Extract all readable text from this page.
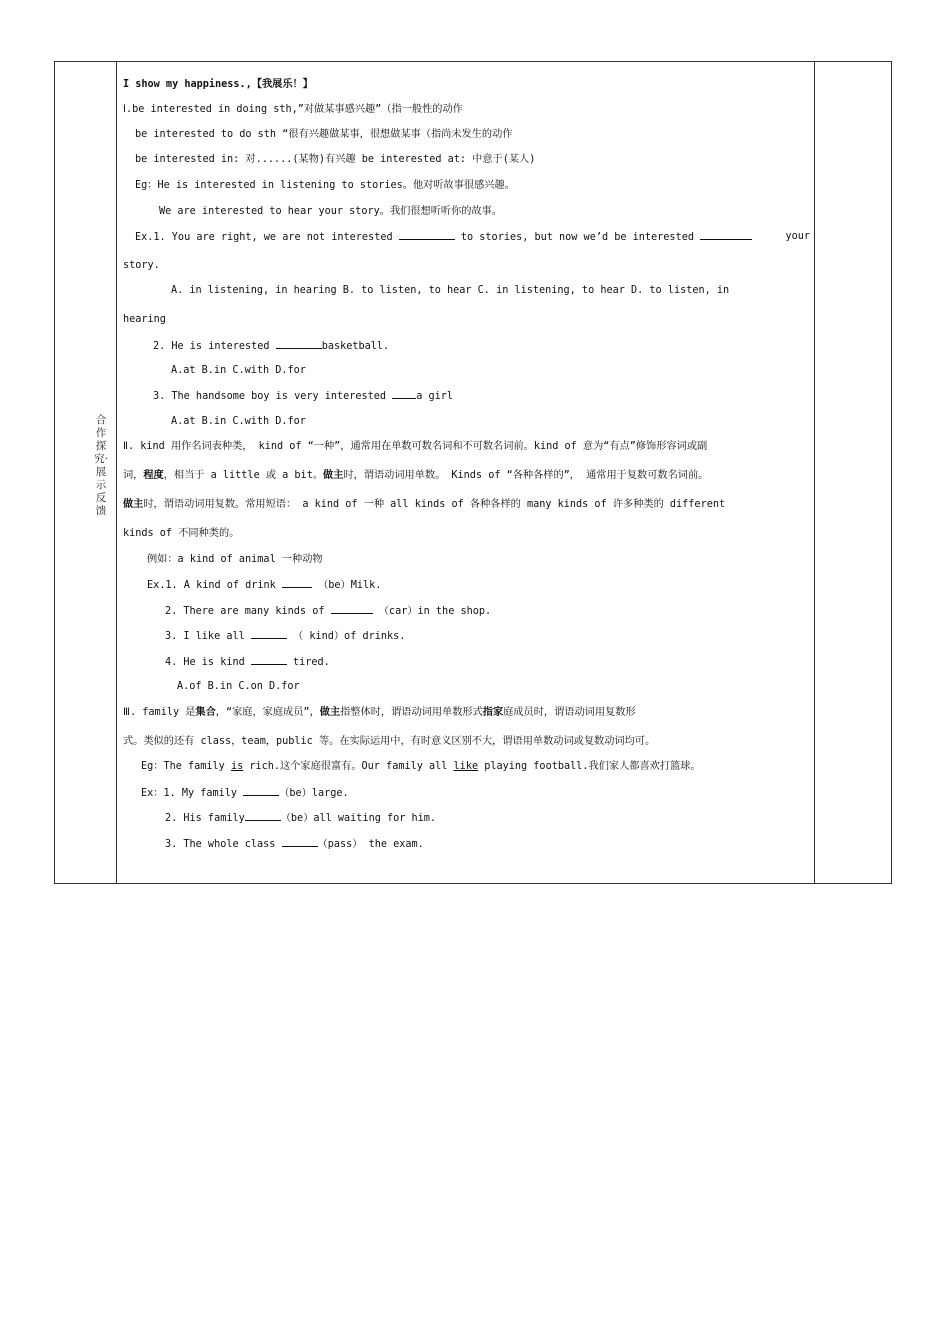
合作探究·展示反馈
I show my happiness.,【我展乐！】
Ⅰ.be interested in doing sth,”对做某事感兴趣”（指一般性的动作
be interested to do sth “很有兴趣做某事，很想做某事（指尚未发生的动作
be interested in: 对......(某物)有兴趣 be interested at: 中意于(某人)
Eg：He is interested in listening to stories。他对听故事很感兴趣。
We are interested to hear your story。我们很想听听你的故事。
Ex.1. You are right, we are not interested	to stories, but now we’d be interested	your
story.
A. in listening, in hearing B. to listen, to hear C. in listening, to hear D. to listen, in
hearing
2. He is interested	basketball.
A.at B.in C.with D.for
3. The handsome boy is very interested	a girl
A.at B.in C.with D.for
Ⅱ. kind 用作名词表种类， kind of “一种”，通常用在单数可数名词和不可数名词前。kind of 意为“有点”修饰形容词或副
词，程度，相当于 a little 或 a bit。做主时，谓语动词用单数。 Kinds of “各种各样的”， 通常用于复数可数名词前。
做主时，谓语动词用复数。常用短语： a kind of 一种 all kinds of 各种各样的 many kinds of 许多种类的 different
kinds of 不同种类的。
例如：a kind of animal 一种动物
Ex.1. A kind of drink	（be）Milk.
2. There are many kinds of	（car）in the shop.
3. I like all	（ kind）of drinks.
4. He is kind	tired.
A.of B.in C.on D.for
Ⅲ. family 是集合，“家庭，家庭成员”，做主指整体时，谓语动词用单数形式指家庭成员时，谓语动词用复数形
式。类似的还有 class，team，public 等。在实际运用中，有时意义区别不大，谓语用单数动词或复数动词均可。
Eg：The family is rich.这个家庭很富有。Our family all like playing football.我们家人都喜欢打篮球。
Ex：1. My family	（be）large.
2. His family	（be）all waiting for him.
3. The whole class	（pass） the exam.
